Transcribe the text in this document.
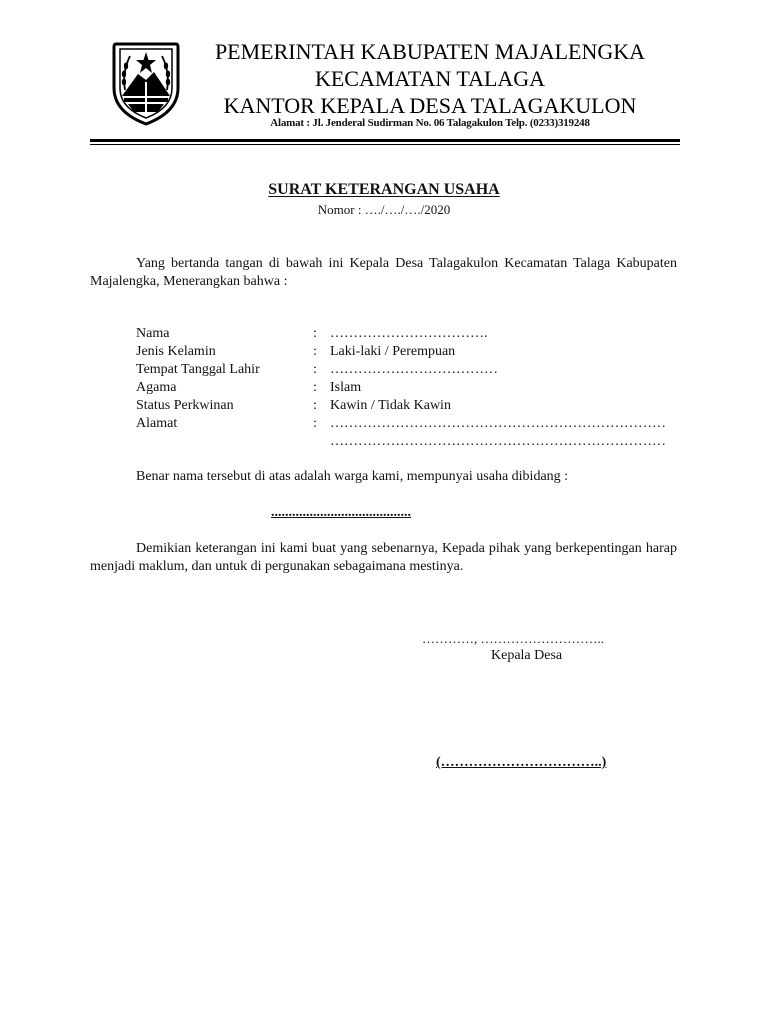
PEMERINTAH KABUPATEN MAJALENGKA
KECAMATAN TALAGA
KANTOR KEPALA DESA TALAGAKULON
Alamat : Jl. Jenderal Sudirman No. 06 Talagakulon Telp. (0233)319248
SURAT KETERANGAN USAHA
Nomor : …./…./…./2020
Yang bertanda tangan di bawah ini Kepala Desa Talagakulon Kecamatan Talaga Kabupaten Majalengka, Menerangkan bahwa :
Nama	: …………………………….
Jenis Kelamin	: Laki-laki / Perempuan
Tempat Tanggal Lahir	: ………………………………
Agama	: Islam
Status Perkwinan	: Kawin / Tidak Kawin
Alamat	: ………………………………………………………………
………………………………………………………………
Benar nama tersebut di atas adalah warga kami, mempunyai usaha dibidang :
........................................
Demikian keterangan ini kami buat yang sebenarnya, Kepada pihak yang berkepentingan harap menjadi maklum, dan untuk di pergunakan sebagaimana mestinya.
…………, ………………………..
Kepala Desa
(……………………………..)
